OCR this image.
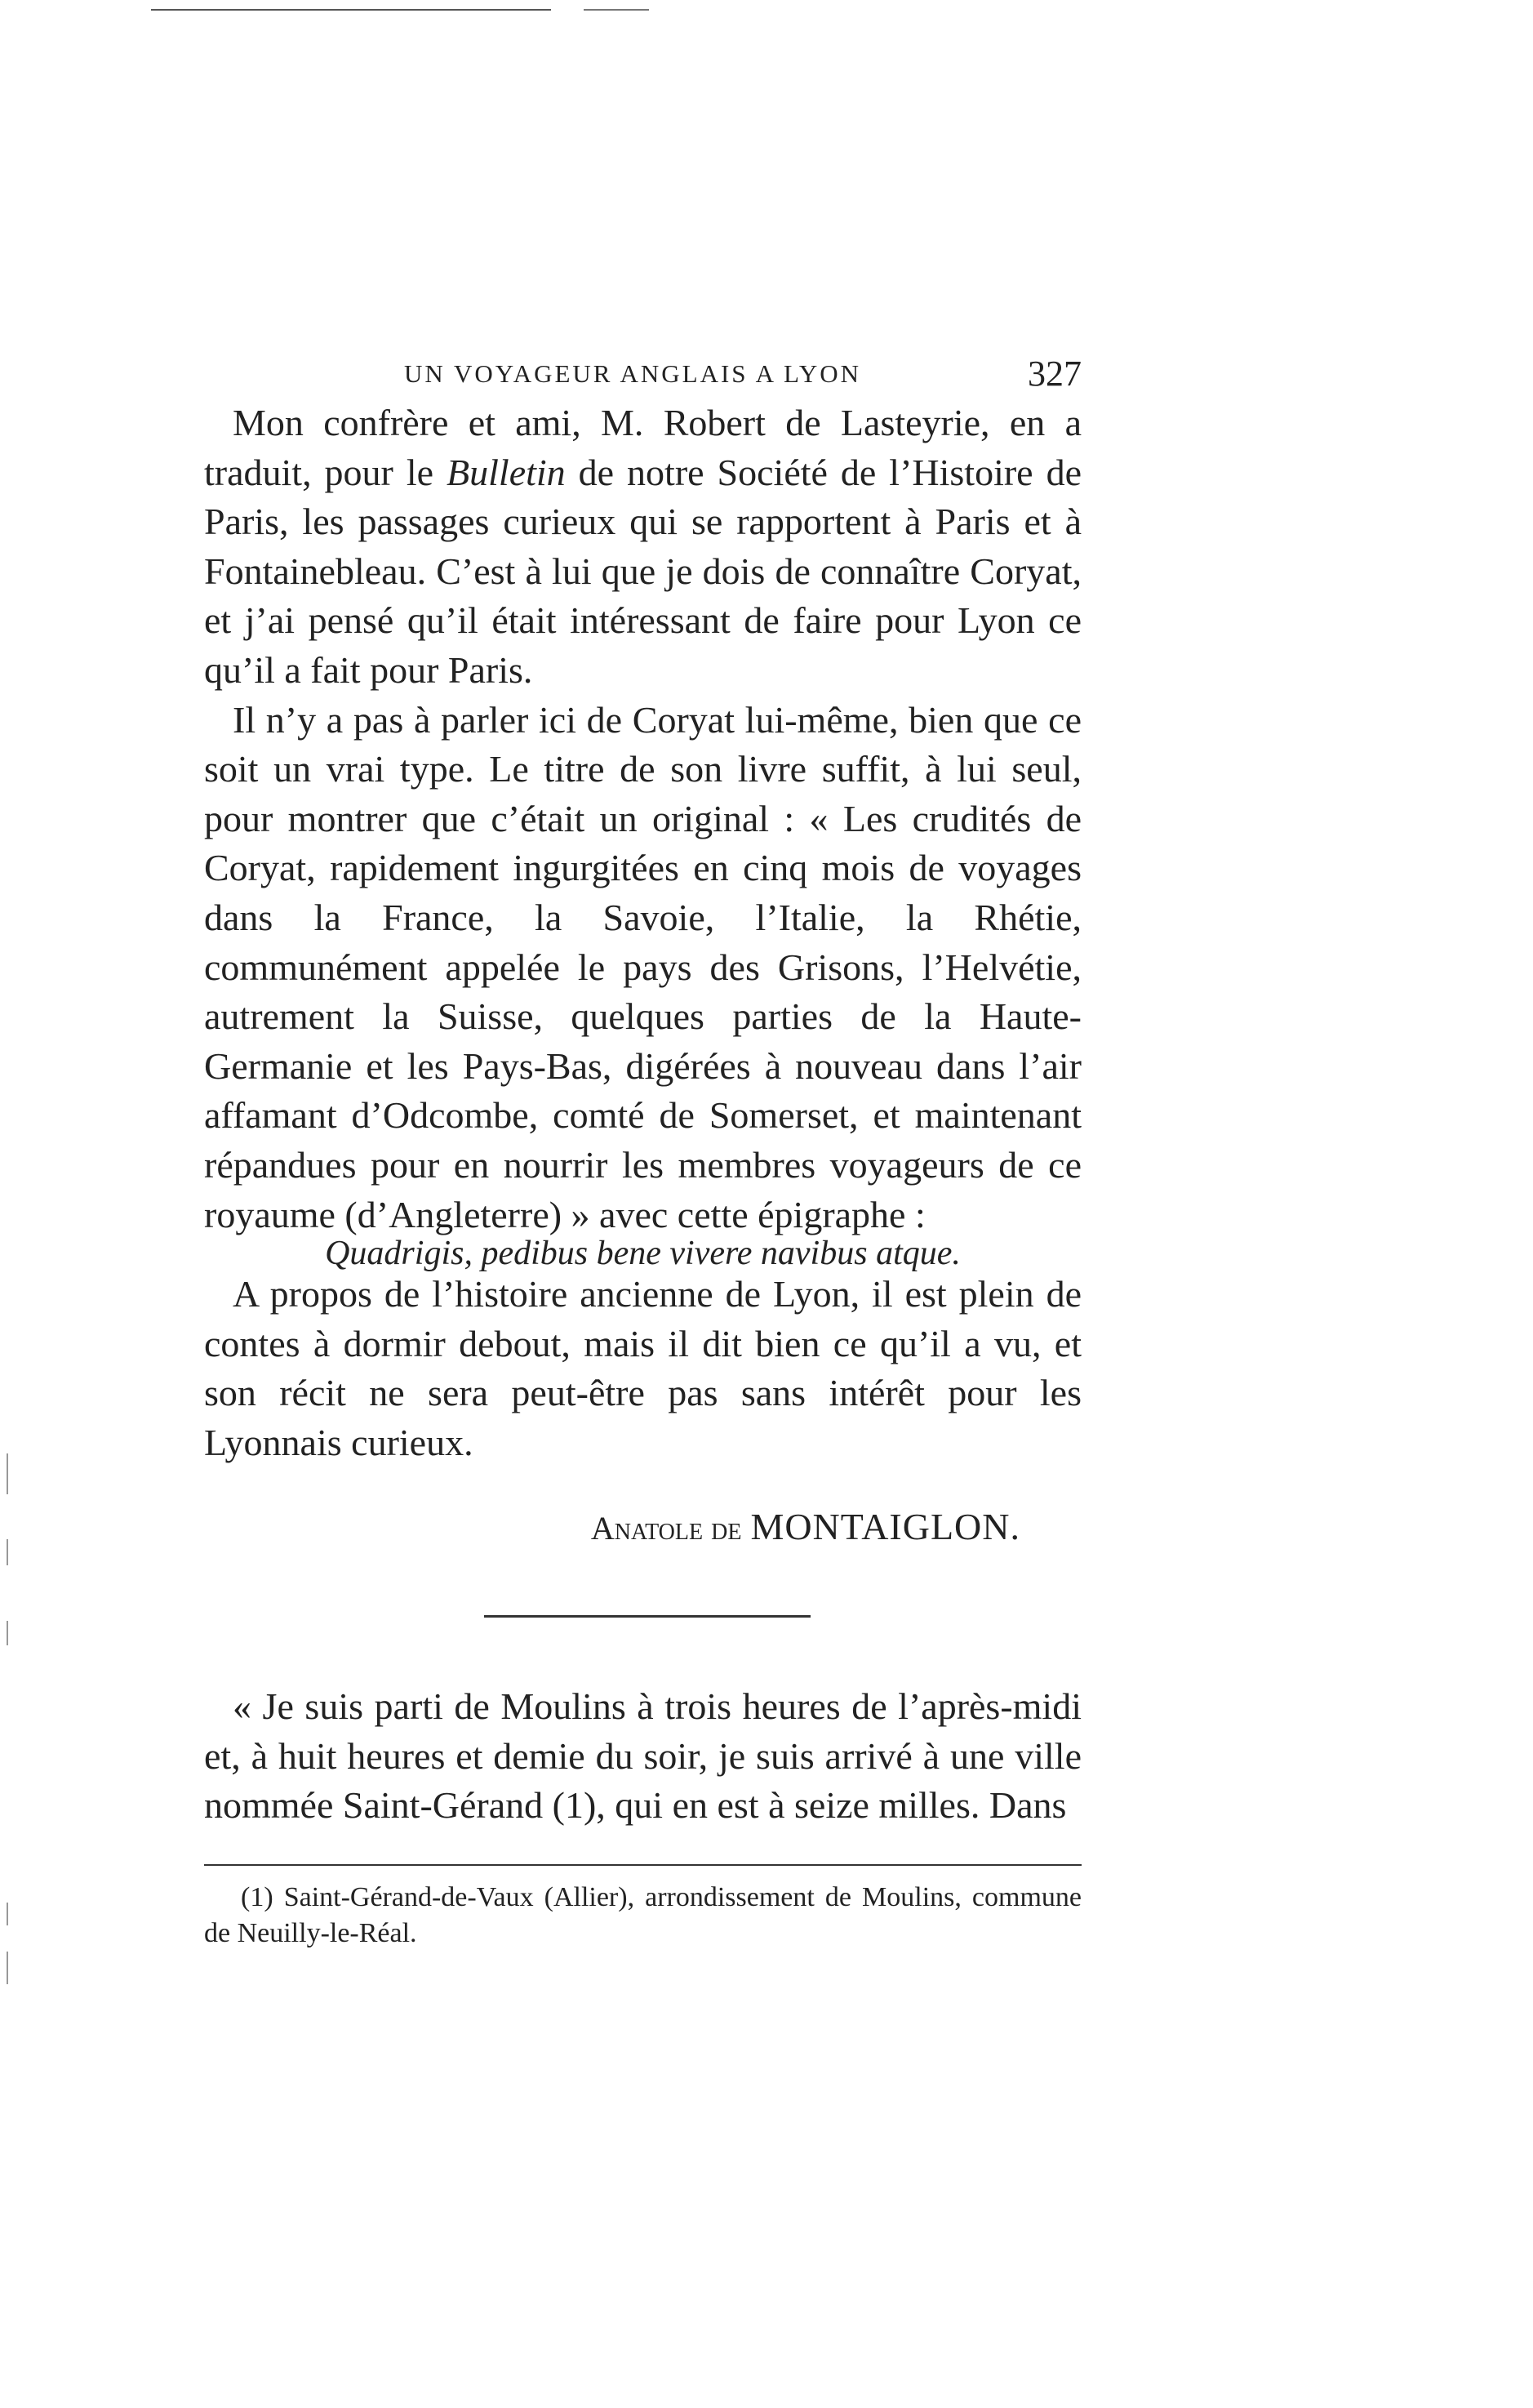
UN VOYAGEUR ANGLAIS A LYON	327

Mon confrère et ami, M. Robert de Lasteyrie, en a traduit, pour le Bulletin de notre Société de l’Histoire de Paris, les passages curieux qui se rapportent à Paris et à Fontainebleau. C’est à lui que je dois de connaître Coryat, et j’ai pensé qu’il était intéressant de faire pour Lyon ce qu’il a fait pour Paris.

Il n’y a pas à parler ici de Coryat lui-même, bien que ce soit un vrai type. Le titre de son livre suffit, à lui seul, pour montrer que c’était un original : « Les crudités de Coryat, rapidement ingurgitées en cinq mois de voyages dans la France, la Savoie, l’Italie, la Rhétie, communément appelée le pays des Grisons, l’Helvétie, autrement la Suisse, quelques parties de la Haute-Germanie et les Pays-Bas, digérées à nouveau dans l’air affamant d’Odcombe, comté de Somerset, et maintenant répandues pour en nourrir les membres voyageurs de ce royaume (d’Angleterre) » avec cette épigraphe :

Quadrigis, pedibus bene vivere navibus atque.

A propos de l’histoire ancienne de Lyon, il est plein de contes à dormir debout, mais il dit bien ce qu’il a vu, et son récit ne sera peut-être pas sans intérêt pour les Lyonnais curieux.

Anatole de MONTAIGLON.

« Je suis parti de Moulins à trois heures de l’après-midi et, à huit heures et demie du soir, je suis arrivé à une ville nommée Saint-Gérand (1), qui en est à seize milles. Dans

(1) Saint-Gérand-de-Vaux (Allier), arrondissement de Moulins, commune de Neuilly-le-Réal.
